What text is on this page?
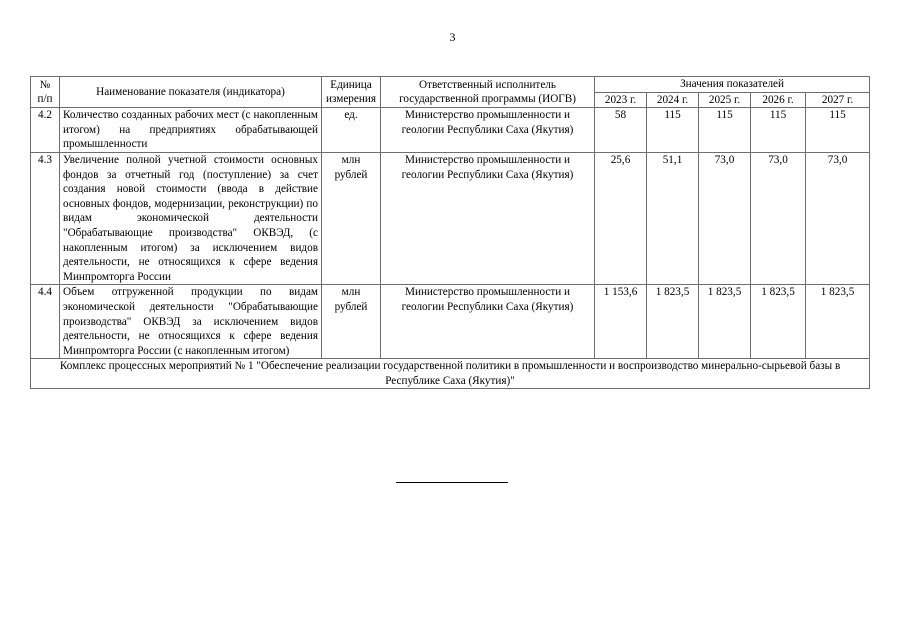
3
№ п/п	Наименование показателя (индикатора)	Единица измерения	Ответственный исполнитель государственной программы (ИОГВ)	Значения показателей				
				2023 г.	2024 г.	2025 г.	2026 г.	2027 г.
4.2	Количество созданных рабочих мест (с накопленным итогом) на предприятиях обрабатывающей промышленности	ед.	Министерство промышленности и геологии Республики Саха (Якутия)	58	115	115	115	115
4.3	Увеличение полной учетной стоимости основных фондов за отчетный год (поступление) за счет создания новой стоимости (ввода в действие основных фондов, модернизации, реконструкции) по видам экономической деятельности "Обрабатывающие производства" ОКВЭД, (с накопленным итогом) за исключением видов деятельности, не относящихся к сфере ведения Минпромторга России	млн рублей	Министерство промышленности и геологии Республики Саха (Якутия)	25,6	51,1	73,0	73,0	73,0
4.4	Объем отгруженной продукции по видам экономической деятельности "Обрабатывающие производства" ОКВЭД за исключением видов деятельности, не относящихся к сфере ведения Минпромторга России (с накопленным итогом)	млн рублей	Министерство промышленности и геологии Республики Саха (Якутия)	1 153,6	1 823,5	1 823,5	1 823,5	1 823,5
Комплекс процессных мероприятий № 1 "Обеспечение реализации государственной политики в промышленности и воспроизводство минерально-сырьевой базы в Республике Саха (Якутия)"								
